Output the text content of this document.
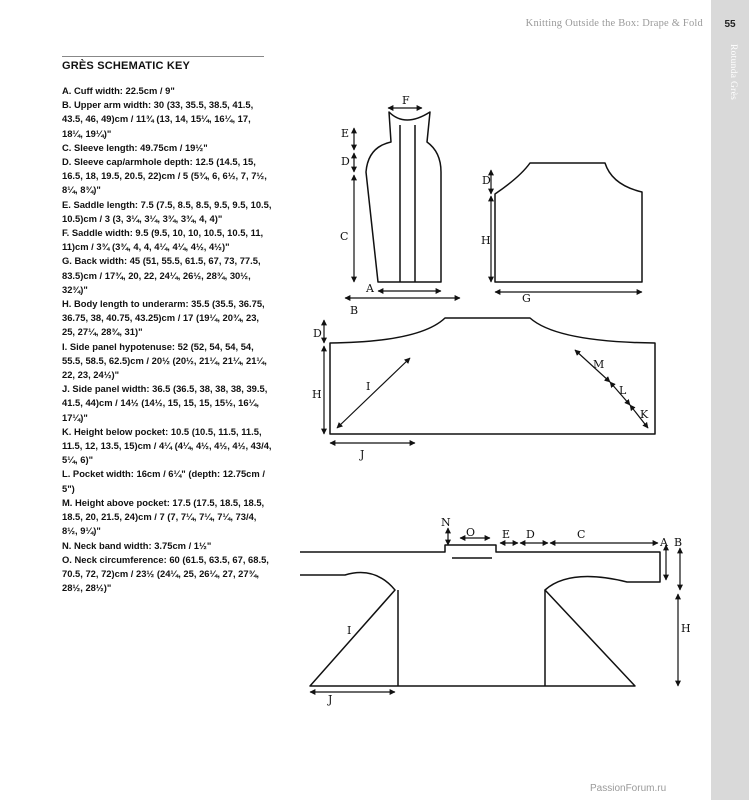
55
Rotunda Grès
Knitting Outside the Box: Drape & Fold
GRÈS SCHEMATIC KEY
A. Cuff width: 22.5cm / 9"
B. Upper arm width: 30 (33, 35.5, 38.5, 41.5, 43.5, 46, 49)cm / 11¾ (13, 14, 15¼, 16¼, 17, 18¼, 19¼)"
C. Sleeve length: 49.75cm / 19½"
D. Sleeve cap/armhole depth: 12.5 (14.5, 15, 16.5, 18, 19.5, 20.5, 22)cm / 5 (5¾, 6, 6½, 7, 7½, 8¼, 8¾)"
E. Saddle length: 7.5 (7.5, 8.5, 8.5, 9.5, 9.5, 10.5, 10.5)cm / 3 (3, 3¼, 3¼, 3¾, 3¾, 4, 4)"
F. Saddle width: 9.5 (9.5, 10, 10, 10.5, 10.5, 11, 11)cm / 3¾ (3¾, 4, 4, 4¼, 4¼, 4½, 4½)"
G. Back width: 45 (51, 55.5, 61.5, 67, 73, 77.5, 83.5)cm / 17¾, 20, 22, 24¼, 26½, 28¾, 30½, 32¾)"
H. Body length to underarm: 35.5 (35.5, 36.75, 36.75, 38, 40.75, 43.25)cm / 17 (19¼, 20¾, 23, 25, 27¼, 28¾, 31)"
I. Side panel hypotenuse: 52 (52, 54, 54, 54, 55.5, 58.5, 62.5)cm / 20½ (20½, 21¼, 21¼, 21¼, 22, 23, 24½)"
J. Side panel width: 36.5 (36.5, 38, 38, 38, 39.5, 41.5, 44)cm / 14½ (14½, 15, 15, 15, 15½, 16¼, 17¼)"
K. Height below pocket: 10.5 (10.5, 11.5, 11.5, 11.5, 12, 13.5, 15)cm / 4¼ (4¼, 4½, 4½, 4½, 43/4, 5¼, 6)"
L. Pocket width: 16cm / 6¼" (depth: 12.75cm / 5")
M. Height above pocket: 17.5 (17.5, 18.5, 18.5, 18.5, 20, 21.5, 24)cm / 7 (7, 7¼, 7¼, 7¼, 73/4, 8½, 9¼)"
N. Neck band width: 3.75cm / 1½"
O. Neck circumference: 60 (61.5, 63.5, 67, 68.5, 70.5, 72, 72)cm / 23½ (24¼, 25, 26¼, 27, 27¾, 28½, 28½)"
F
E
D
C
A
B
D
H
G
D
H
I
J
M
L
K
N
O E D	C
A B
I	H
J
PassionForum.ru
